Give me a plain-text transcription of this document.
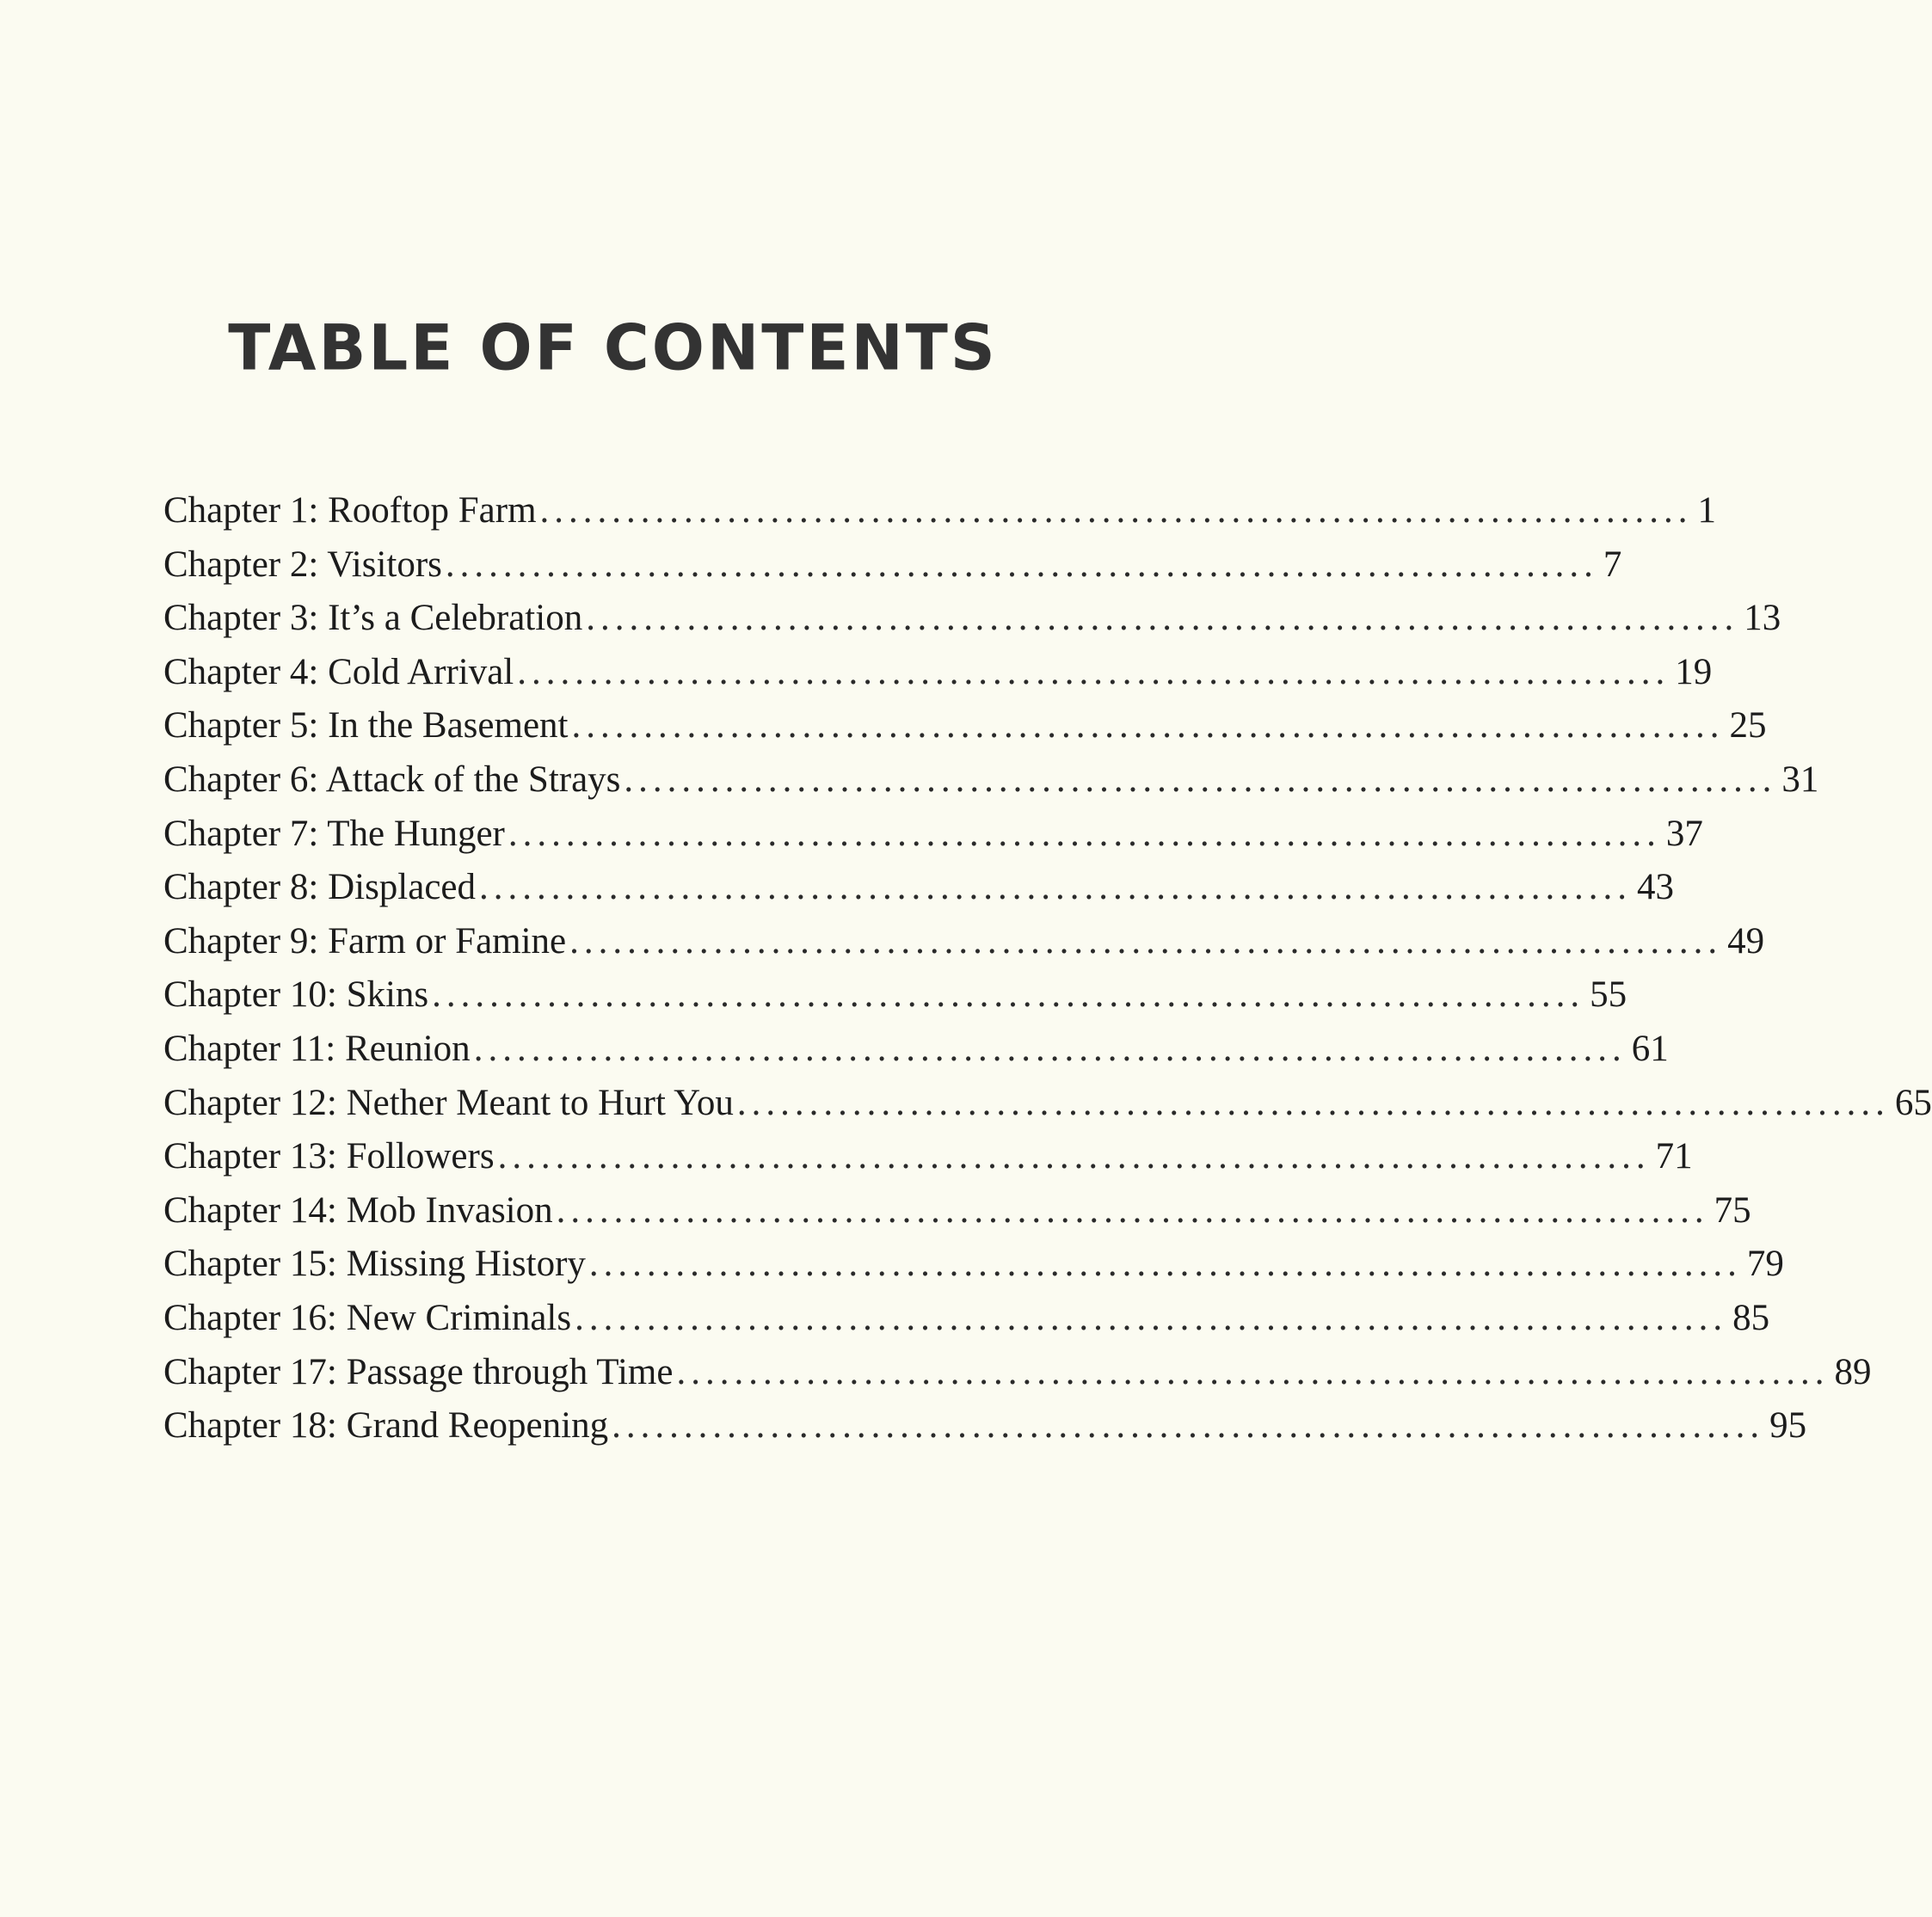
TABLE OF CONTENTS
Chapter 1: Rooftop Farm ................................................................................ 1
Chapter 2: Visitors ................................................................................ 7
Chapter 3: It’s a Celebration ................................................................................ 13
Chapter 4: Cold Arrival ................................................................................ 19
Chapter 5: In the Basement ................................................................................ 25
Chapter 6: Attack of the Strays ................................................................................ 31
Chapter 7: The Hunger ................................................................................ 37
Chapter 8: Displaced ................................................................................ 43
Chapter 9: Farm or Famine ................................................................................ 49
Chapter 10: Skins ................................................................................ 55
Chapter 11: Reunion ................................................................................ 61
Chapter 12: Nether Meant to Hurt You ................................................................................ 65
Chapter 13: Followers ................................................................................ 71
Chapter 14: Mob Invasion ................................................................................ 75
Chapter 15: Missing History ................................................................................ 79
Chapter 16: New Criminals ................................................................................ 85
Chapter 17: Passage through Time ................................................................................ 89
Chapter 18: Grand Reopening ................................................................................ 95
